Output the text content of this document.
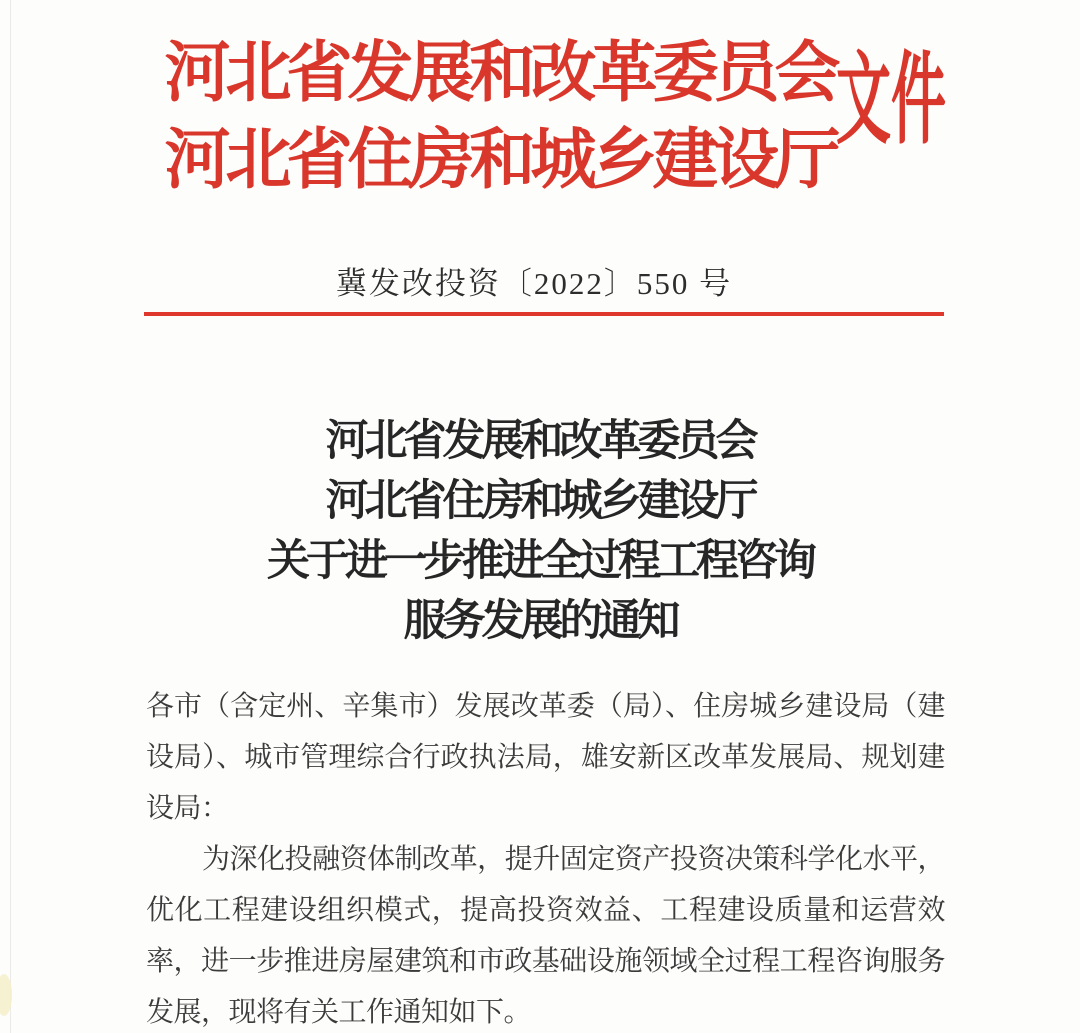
河北省发展和改革委员会
河北省住房和城乡建设厅
文件
冀发改投资〔2022〕550 号
河北省发展和改革委员会
河北省住房和城乡建设厅
关于进一步推进全过程工程咨询
服务发展的通知

各市（含定州、辛集市）发展改革委（局）、住房城乡建设局（建设局）、城市管理综合行政执法局，雄安新区改革发展局、规划建设局：

为深化投融资体制改革，提升固定资产投资决策科学化水平，优化工程建设组织模式，提高投资效益、工程建设质量和运营效率，进一步推进房屋建筑和市政基础设施领域全过程工程咨询服务发展，现将有关工作通知如下。
